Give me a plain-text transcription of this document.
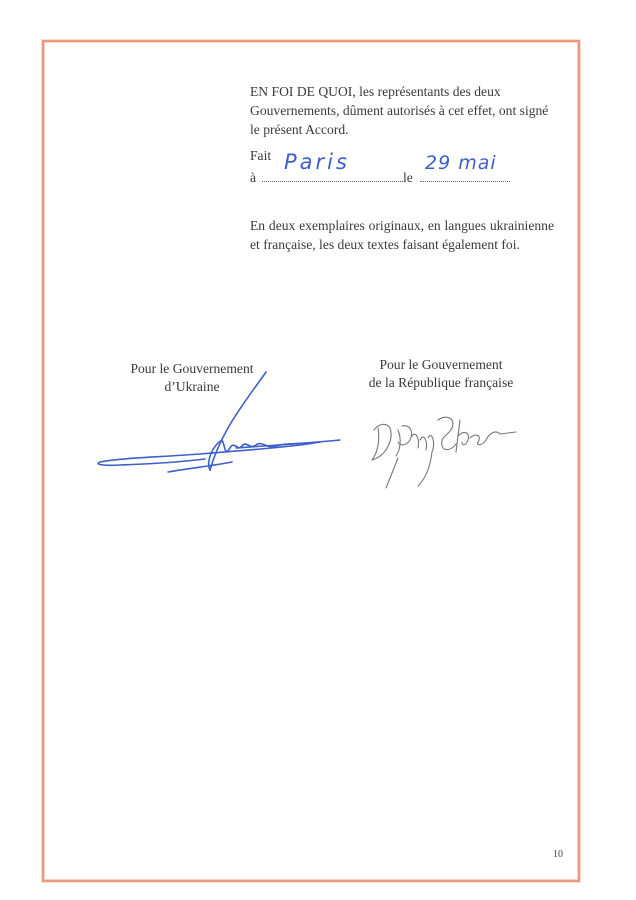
EN FOI DE QUOI, les représentants des deux Gouvernements, dûment autorisés à cet effet, ont signé le présent Accord.
Fait
à	le
Paris	29 mai
En deux exemplaires originaux, en langues ukrainienne et française, les deux textes faisant également foi.
Pour le Gouvernement
d’Ukraine
Pour le Gouvernement
de la République française
10
